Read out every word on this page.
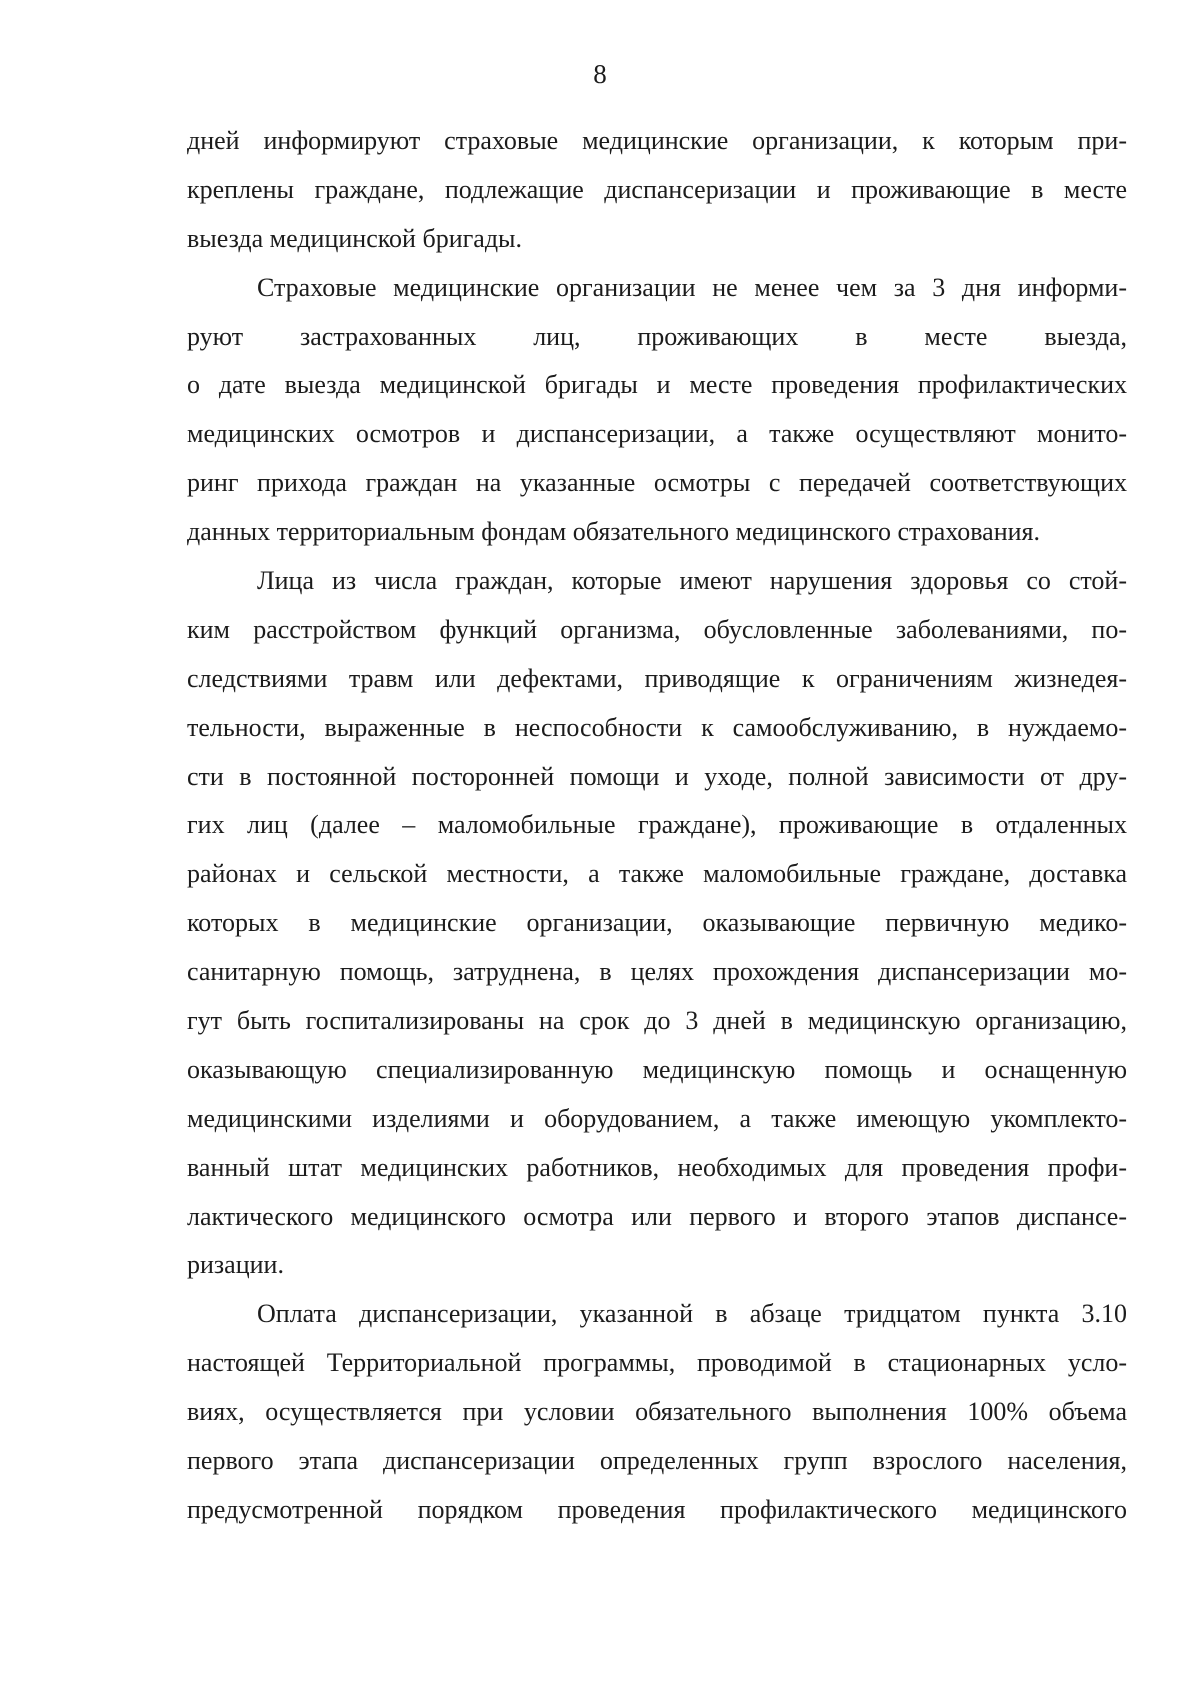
8
дней информируют страховые медицинские организации, к которым при-
креплены граждане, подлежащие диспансеризации и проживающие в месте
выезда медицинской бригады.
Страховые медицинские организации не менее чем за 3 дня информи-
руют застрахованных лиц, проживающих в месте выезда,
о дате выезда медицинской бригады и месте проведения профилактических
медицинских осмотров и диспансеризации, а также осуществляют монито-
ринг прихода граждан на указанные осмотры с передачей соответствующих
данных территориальным фондам обязательного медицинского страхования.
Лица из числа граждан, которые имеют нарушения здоровья со стой-
ким расстройством функций организма, обусловленные заболеваниями, по-
следствиями травм или дефектами, приводящие к ограничениям жизнедея-
тельности, выраженные в неспособности к самообслуживанию, в нуждаемо-
сти в постоянной посторонней помощи и уходе, полной зависимости от дру-
гих лиц (далее – маломобильные граждане), проживающие в отдаленных
районах и сельской местности, а также маломобильные граждане, доставка
которых в медицинские организации, оказывающие первичную медико-
санитарную помощь, затруднена, в целях прохождения диспансеризации мо-
гут быть госпитализированы на срок до 3 дней в медицинскую организацию,
оказывающую специализированную медицинскую помощь и оснащенную
медицинскими изделиями и оборудованием, а также имеющую укомплекто-
ванный штат медицинских работников, необходимых для проведения профи-
лактического медицинского осмотра или первого и второго этапов диспансе-
ризации.
Оплата диспансеризации, указанной в абзаце тридцатом пункта 3.10
настоящей Территориальной программы, проводимой в стационарных усло-
виях, осуществляется при условии обязательного выполнения 100% объема
первого этапа диспансеризации определенных групп взрослого населения,
предусмотренной порядком проведения профилактического медицинского
